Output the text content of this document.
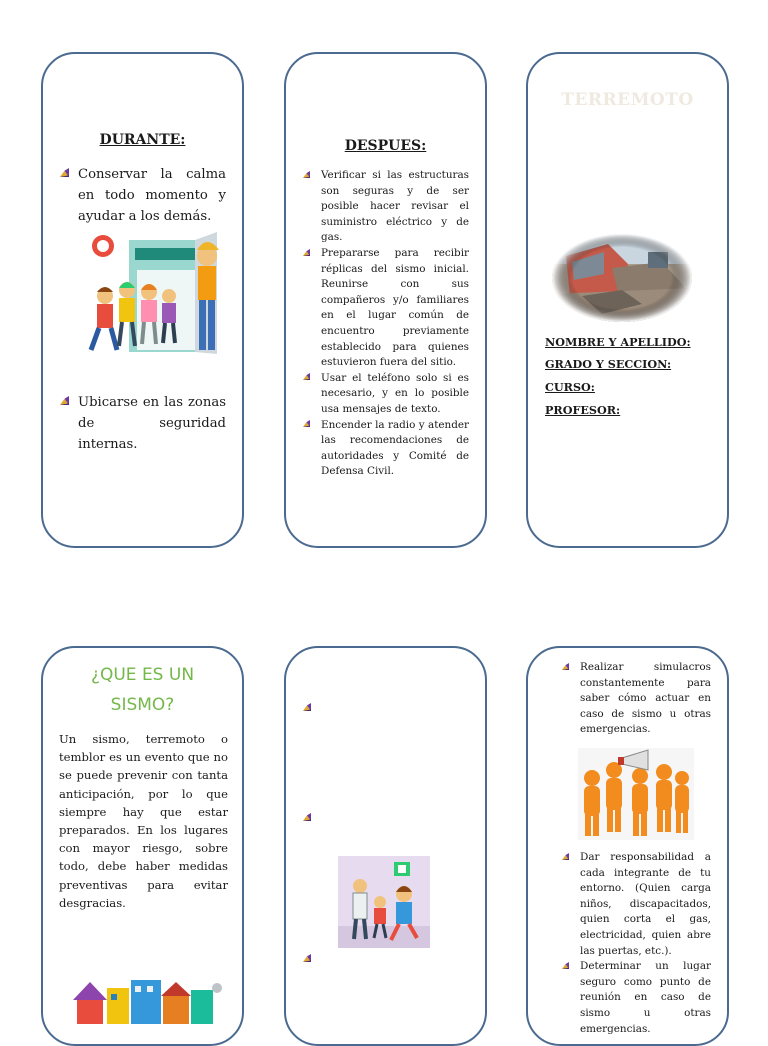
DURANTE:
Conservar la calma en todo momento y ayudar a los demás.
Ubicarse en las zonas de seguridad internas.
DESPUES:
Verificar si las estructuras son seguras y de ser posible hacer revisar el suministro eléctrico y de gas.
Prepararse para recibir réplicas del sismo inicial. Reunirse con sus compañeros y/o familiares en el lugar común de encuentro previamente establecido para quienes estuvieron fuera del sitio.
Usar el teléfono solo si es necesario, y en lo posible usa mensajes de texto.
Encender la radio y atender las recomendaciones de autoridades y Comité de Defensa Civil.
TERREMOTO
NOMBRE Y APELLIDO:
GRADO Y SECCION:
CURSO:
PROFESOR:
¿QUE ES UN
SISMO?
Un sismo, terremoto o temblor es un evento que no se puede prevenir con tanta anticipación, por lo que siempre hay que estar preparados. En los lugares con mayor riesgo, sobre todo, debe haber medidas preventivas para evitar desgracias.
Realizar simulacros constantemente para saber cómo actuar en caso de sismo u otras emergencias.
Dar responsabilidad a cada integrante de tu entorno. (Quien carga niños, discapacitados, quien corta el gas, electricidad, quien abre las puertas, etc.).
Determinar un lugar seguro como punto de reunión en caso de sismo u otras emergencias.
